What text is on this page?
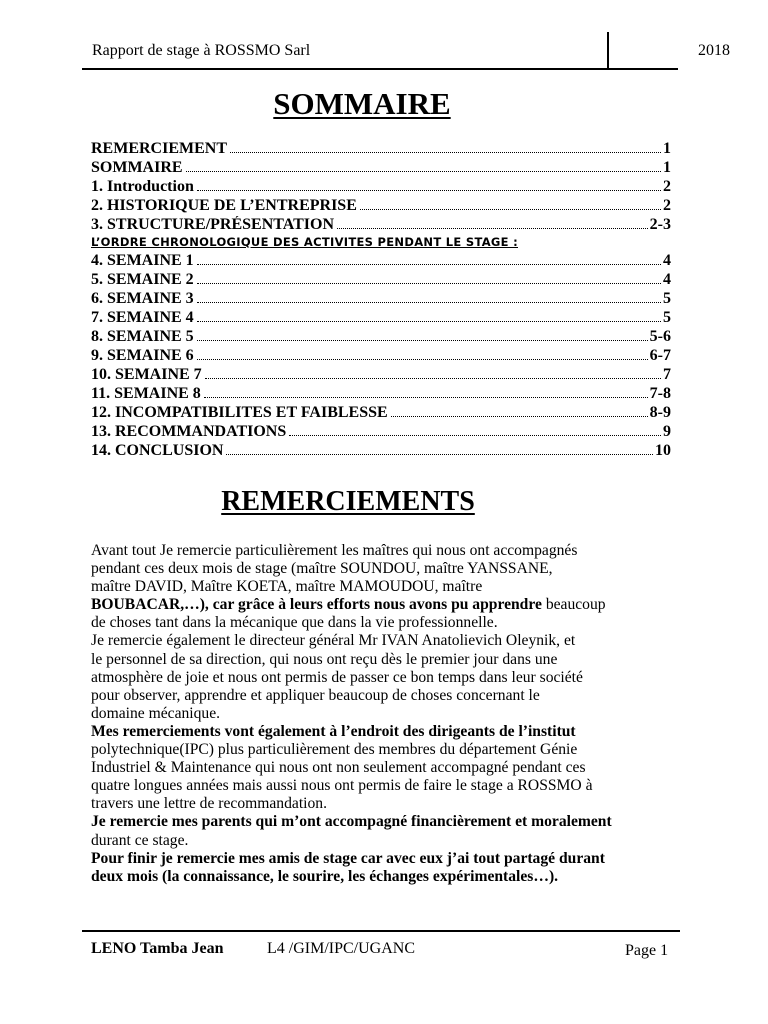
Rapport de stage à ROSSMO Sarl	2018
SOMMAIRE
REMERCIEMENT	1
SOMMAIRE	1
1. Introduction	2
2. HISTORIQUE DE L’ENTREPRISE	2
3. STRUCTURE/PRÉSENTATION	2-3
L’ORDRE CHRONOLOGIQUE DES ACTIVITES PENDANT LE STAGE :
4. SEMAINE 1	4
5. SEMAINE 2	4
6. SEMAINE 3	5
7. SEMAINE 4	5
8. SEMAINE 5	5-6
9. SEMAINE 6	6-7
10. SEMAINE 7	7
11. SEMAINE 8	7-8
12. INCOMPATIBILITES ET FAIBLESSE	8-9
13. RECOMMANDATIONS	9
14. CONCLUSION	10
REMERCIEMENTS

Avant tout Je remercie particulièrement les maîtres qui nous ont accompagnés

pendant ces deux mois de stage (maître SOUNDOU, maître YANSSANE,

maître DAVID, Maître KOETA, maître MAMOUDOU, maître

BOUBACAR,…), car grâce à leurs efforts nous avons pu apprendre beaucoup

de choses tant dans la mécanique que dans la vie professionnelle.

Je remercie également le directeur général Mr IVAN Anatolievich Oleynik, et

le personnel de sa direction, qui nous ont reçu dès le premier jour dans une

atmosphère de joie et nous ont permis de passer ce bon temps dans leur société

pour observer, apprendre et appliquer beaucoup de choses concernant le

domaine mécanique.

Mes remerciements vont également à l’endroit des dirigeants de l’institut

polytechnique(IPC) plus particulièrement des membres du département Génie

Industriel & Maintenance qui nous ont non seulement accompagné pendant ces

quatre longues années mais aussi nous ont permis de faire le stage a ROSSMO à

travers une lettre de recommandation.

Je remercie mes parents qui m’ont accompagné financièrement et moralement

durant ce stage.

Pour finir je remercie mes amis de stage car avec eux j’ai tout partagé durant

deux mois (la connaissance, le sourire, les échanges expérimentales…).

LENO Tamba Jean	L4 /GIM/IPC/UGANC	Page 1
